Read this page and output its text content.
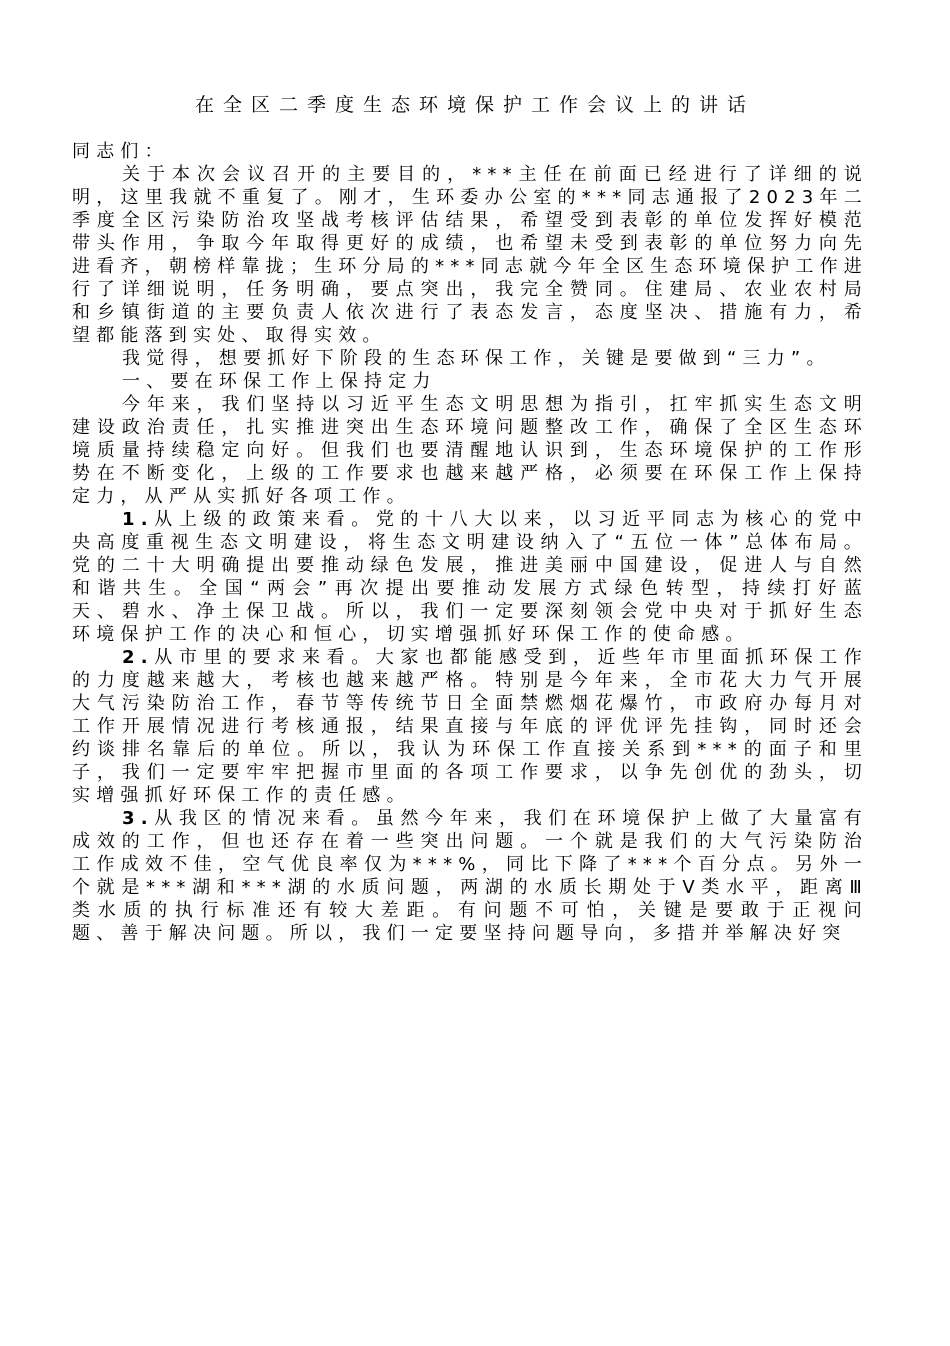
在全区二季度生态环境保护工作会议上的讲话

同志们：

关于本次会议召开的主要目的，***主任在前面已经进行了详细的说明，这里我就不重复了。刚才，生环委办公室的***同志通报了2023年二季度全区污染防治攻坚战考核评估结果，希望受到表彰的单位发挥好模范带头作用，争取今年取得更好的成绩，也希望未受到表彰的单位努力向先进看齐，朝榜样靠拢；生环分局的***同志就今年全区生态环境保护工作进行了详细说明，任务明确，要点突出，我完全赞同。住建局、农业农村局和乡镇街道的主要负责人依次进行了表态发言，态度坚决、措施有力，希望都能落到实处、取得实效。

我觉得，想要抓好下阶段的生态环保工作，关键是要做到“三力”。

一、要在环保工作上保持定力

今年来，我们坚持以习近平生态文明思想为指引，扛牢抓实生态文明建设政治责任，扎实推进突出生态环境问题整改工作，确保了全区生态环境质量持续稳定向好。但我们也要清醒地认识到，生态环境保护的工作形势在不断变化，上级的工作要求也越来越严格，必须要在环保工作上保持定力，从严从实抓好各项工作。

1.从上级的政策来看。党的十八大以来，以习近平同志为核心的党中央高度重视生态文明建设，将生态文明建设纳入了“五位一体”总体布局。党的二十大明确提出要推动绿色发展，推进美丽中国建设，促进人与自然和谐共生。全国“两会”再次提出要推动发展方式绿色转型，持续打好蓝天、碧水、净土保卫战。所以，我们一定要深刻领会党中央对于抓好生态环境保护工作的决心和恒心，切实增强抓好环保工作的使命感。

2.从市里的要求来看。大家也都能感受到，近些年市里面抓环保工作的力度越来越大，考核也越来越严格。特别是今年来，全市花大力气开展大气污染防治工作，春节等传统节日全面禁燃烟花爆竹，市政府办每月对工作开展情况进行考核通报，结果直接与年底的评优评先挂钩，同时还会约谈排名靠后的单位。所以，我认为环保工作直接关系到***的面子和里子，我们一定要牢牢把握市里面的各项工作要求，以争先创优的劲头，切实增强抓好环保工作的责任感。

3.从我区的情况来看。虽然今年来，我们在环境保护上做了大量富有成效的工作，但也还存在着一些突出问题。一个就是我们的大气污染防治工作成效不佳，空气优良率仅为***%，同比下降了***个百分点。另外一个就是***湖和***湖的水质问题，两湖的水质长期处于Ⅴ类水平，距离Ⅲ类水质的执行标准还有较大差距。有问题不可怕，关键是要敢于正视问题、善于解决问题。所以，我们一定要坚持问题导向，多措并举解决好突
